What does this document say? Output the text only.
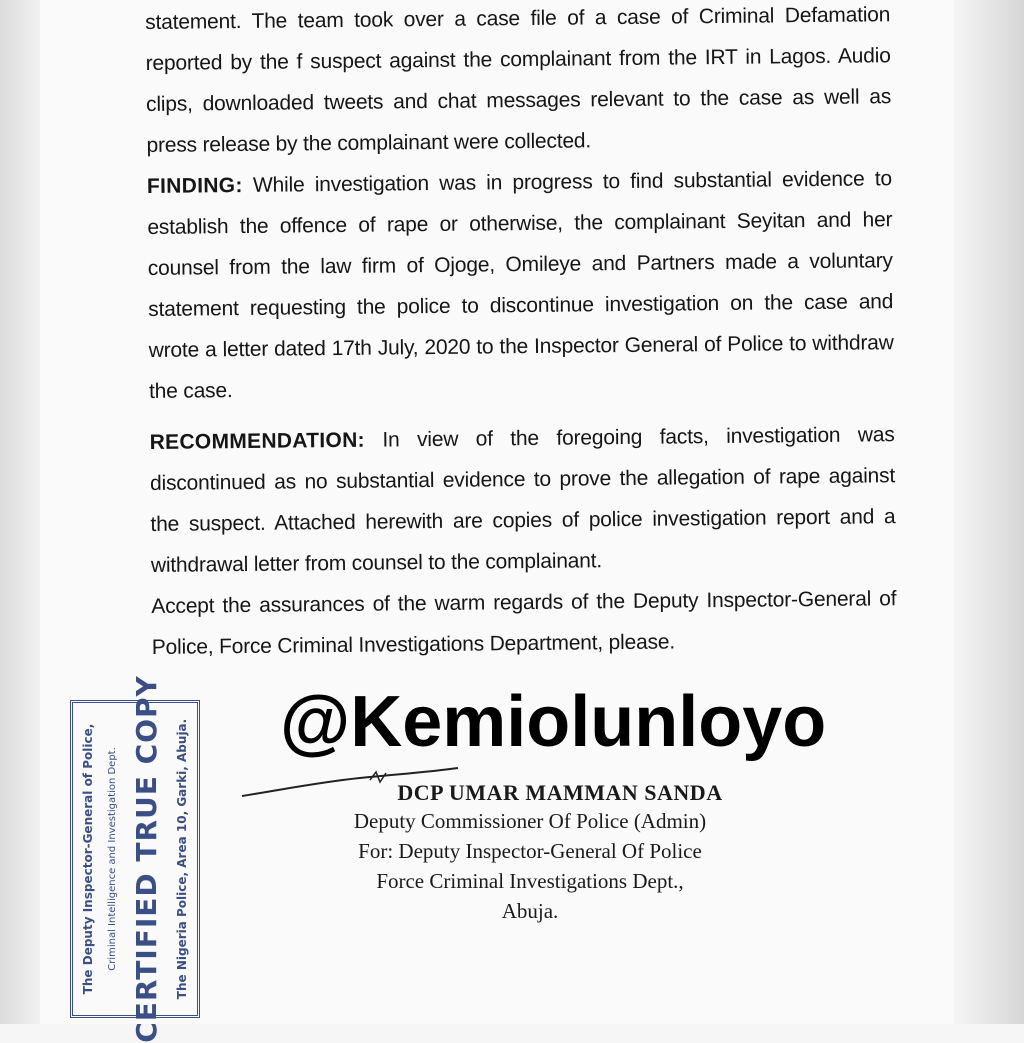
statement. The team took over a case file of a case of Criminal Defamation reported by the f suspect against the complainant from the IRT in Lagos. Audio clips, downloaded tweets and chat messages relevant to the case as well as press release by the complainant were collected.

FINDING: While investigation was in progress to find substantial evidence to establish the offence of rape or otherwise, the complainant Seyitan and her counsel from the law firm of Ojoge, Omileye and Partners made a voluntary statement requesting the police to discontinue investigation on the case and wrote a letter dated 17th July, 2020 to the Inspector General of Police to withdraw the case.

RECOMMENDATION: In view of the foregoing facts, investigation was discontinued as no substantial evidence to prove the allegation of rape against the suspect. Attached herewith are copies of police investigation report and a withdrawal letter from counsel to the complainant.

Accept the assurances of the warm regards of the Deputy Inspector-General of Police, Force Criminal Investigations Department, please.

The Deputy Inspector-General of Police, Criminal Intelligence and Investigation Dept. CERTIFIED TRUE COPY The Nigeria Police, Area 10, Garki, Abuja. @Kemiolunloyo
DCP UMAR MAMMAN SANDA
Deputy Commissioner Of Police (Admin)
For: Deputy Inspector-General Of Police
Force Criminal Investigations Dept.,
Abuja.
